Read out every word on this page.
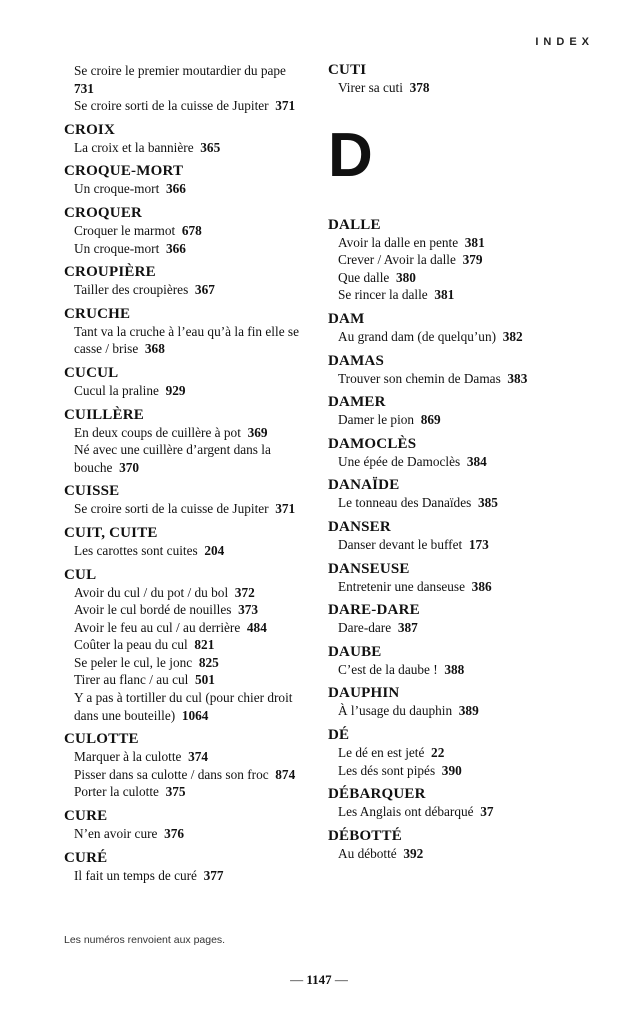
INDEX
Se croire le premier moutardier du pape
731
Se croire sorti de la cuisse de Jupiter 371
CROIX
La croix et la bannière 365
CROQUE-MORT
Un croque-mort 366
CROQUER
Croquer le marmot 678
Un croque-mort 366
CROUPIÈRE
Tailler des croupières 367
CRUCHE
Tant va la cruche à l’eau qu’à la fin elle se
casse / brise 368
CUCUL
Cucul la praline 929
CUILLÈRE
En deux coups de cuillère à pot 369
Né avec une cuillère d’argent dans la
bouche 370
CUISSE
Se croire sorti de la cuisse de Jupiter 371
CUIT, CUITE
Les carottes sont cuites 204
CUL
Avoir du cul / du pot / du bol 372
Avoir le cul bordé de nouilles 373
Avoir le feu au cul / au derrière 484
Coûter la peau du cul 821
Se peler le cul, le jonc 825
Tirer au flanc / au cul 501
Y a pas à tortiller du cul (pour chier droit
dans une bouteille) 1064
CULOTTE
Marquer à la culotte 374
Pisser dans sa culotte / dans son froc 874
Porter la culotte 375
CURE
N’en avoir cure 376
CURÉ
Il fait un temps de curé 377
CUTI
Virer sa cuti 378
D
DALLE
Avoir la dalle en pente 381
Crever / Avoir la dalle 379
Que dalle 380
Se rincer la dalle 381
DAM
Au grand dam (de quelqu’un) 382
DAMAS
Trouver son chemin de Damas 383
DAMER
Damer le pion 869
DAMOCLÈS
Une épée de Damoclès 384
DANAÏDE
Le tonneau des Danaïdes 385
DANSER
Danser devant le buffet 173
DANSEUSE
Entretenir une danseuse 386
DARE-DARE
Dare-dare 387
DAUBE
C’est de la daube ! 388
DAUPHIN
À l’usage du dauphin 389
DÉ
Le dé en est jeté 22
Les dés sont pipés 390
DÉBARQUER
Les Anglais ont débarqué 37
DÉBOTTÉ
Au débotté 392
Les numéros renvoient aux pages.
— 1147 —
